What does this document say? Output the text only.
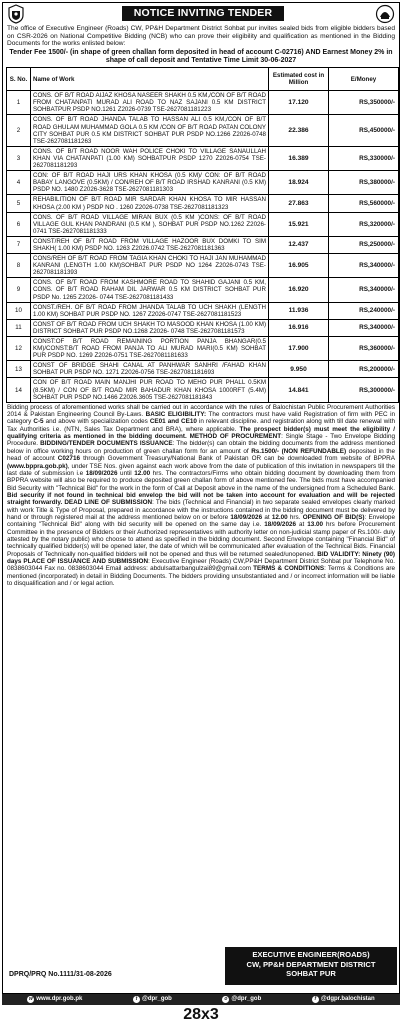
NOTICE INVITING TENDER

The office of Executive Engineer (Roads) CW, PP&H Department District Sohbat pur invites sealed bids from eligible bidders based on CSR-2026 on National Competitive Bidding (NCB) who can prove their eligibility and qualification as mentioned in the Bidding Documents for the works enlisted below:

Tender Fee 1500/- (in shape of green challan form deposited in head of account C-02716) AND Earnest Money 2% in shape of call deposit and Tentative Time Limit 30-06-2027

S. No.	Name of Work	Estimated cost in Million	E/Money
1	CONS. OF B/T ROAD AIJAZ KHOSA NASEER SHAKH 0.5 KM,/CON OF B/T ROAD FROM CHATANPATI MURAD ALI ROAD TO NAZ SAJANI 0.5 KM DISTRICT SOHBATPUR PSDP NO.1261 Z2026-0739 TSE-2627081181223	17.120	RS,350000/-
2	CONS. OF B/T ROAD JHANDA TALAB TO HASSAN ALI 0.5 KM,/CON OF B/T ROAD GHULAM MUHAMMAD GOLA 0.5 KM /CON OF B/T ROAD PATAN COLONY CITY SOHBAT PUR 0.5 KM DISTRICT SOHBAT PUR PSDP NO.1266 Z2026-0748 TSE-2627081181263	22.386	RS,450000/-
3	CONS. OF B/T ROAD NOOR WAH POLICE CHOKI TO VILLAGE SANAULLAH KHAN VIA CHATANPATI (1.00 KM) SOHBATPUR PSDP 1270 Z2026-0754 TSE-2627081181293	16.389	RS,330000/-
4	CON: OF B/T ROAD HAJI URS KHAN KHOSA (0.5 KM)/ CON: OF B/T ROAD BABAY LANGOVE (0.5KM) / CON/REH OF B/T ROAD IRSHAD KANRANI (0.5 KM) PSDP NO. 1480 Z2026-3628 TSE-2627081181303	18.924	RS,380000/-
5	REHABILITION OF B/T ROAD MIR SARDAR KHAN KHOSA TO MIR HASSAN KHOSA (2.00 KM ) PSDP NO . 1260 Z2026-0738 TSE-2627081181323	27.863	RS,560000/-
6	CONS. OF B/T ROAD VILLAGE MIRAN BUX (0.5 KM )CONS: OF B/T ROAD VILLAGE GUL KHAN PANDRANI (0.5 KM ), SOHBAT PUR PSDP NO.1262 Z2026-0741 TSE-2627081181333	15.921	RS,320000/-
7	CONST/REH OF B/T ROAD FROM VILLAGE HAZOOR BUX DOMKI TO SIM SHAKH( 1.00 KM) PSDP NO. 1263 Z2026.0742 TSE-2627081181363	12.437	RS,250000/-
8	CONS/REH OF B/T ROAD FROM TAGIA KHAN CHOKI TO HAJI JAN MUHAMMAD KANRANI (LENGTH 1.00 KM)SOHBAT PUR PSDP NO 1264 Z2026-0743 TSE-2627081181393	16.905	RS,340000/-
9	CONS. OF B/T ROAD FROM KASHMORE ROAD TO SHAHID GAJANI 0.5 KM, CONS. OF B/T ROAD RAHAM DIL JARWAR 0.5 KM DISTRICT SOHBAT PUR PSDP No. 1265 Z2026- 0744 TSE-2627081181433	16.920	RS,340000/-
10	CONST./REH. OF B/T ROAD FROM JHANDA TALAB TO UCH SHAKH (LENGTH 1.00 KM) SOHBAT PUR PSDP NO. 1267 Z2026-0747 TSE-2627081181523	11.936	RS,240000/-
11	CONST OF B/T ROAD FROM UCH SHAKH TO MASOOD KHAN KHOSA (1.00 KM) DISTRICT SOHBAT PUR PSDP NO.1268 Z2026- 0748 TSE-2627081181573	16.916	RS,340000/-
12	CONST:OF B/T ROAD REMAINING PORTION PANJA BHANGAR(0.5 KM)/CONST:B/T ROAD FROM PANJA TO ALI MURAD MARI(0.5 KM) SOHBAT PUR PSDP NO. 1269 Z2026-0751 TSE-2627081181633	17.900	RS,360000/-
13	CONST OF BRIDGE SHAHI CANAL AT PANHWAR SANHRI /FAHAD KHAN SOHBAT PUR PSDP NO. 1271 Z2026-0756 TSE-2627081181693	9.950	RS,200000/-
14	CON OF B/T ROAD MAIN MANJHI PUR ROAD TO MEHO PUR PHALL 0.5KM (8.5KM) / CON OF B/T ROAD MIR BAHADUR KHAN KHOSA 1000RFT (5.4M) SOHBAT PUR PSDP NO.1466 Z2026.3605 TSE-2627081181843	14.841	RS,300000/-

Bidding process of aforementioned works shall be carried out in accordance with the rules of Balochistan Public Procurement Authorities 2014 & Pakistan Engineering Council By-Laws. BASIC ELIGIBILITY: The contractors must have valid Registration of firm with PEC in category C-5 and above with specialization codes CE01 and CE10 in relevant discipline. and registration along with till date renewal with Tax Authorities i.e. (NTN, Sales Tax Department and BRA), where applicable. The prospect bidder(s) must meet the eligibility / qualifying criteria as mentioned in the bidding document. METHOD OF PROCUREMENT: Single Stage - Two Envelope Bidding Procedure. BIDDING/TENDER DOCUMENTS ISSUANCE: The bidder(s) can obtain the bidding documents from the address mentioned below in office working hours on production of green challan form for an amount of Rs.1500/- (NON REFUNDABLE) deposited in the head of account C02716 through Government Treasury/National Bank of Pakistan OR can be downloaded from website of BPPRA (www.bppra.gob.pk), under TSE Nos. given against each work above from the date of publication of this invitation in newspapers till the last date of submission i.e 18/09/2026 until 12.00 hrs. The contractors/Firms who obtain bidding document by downloading them from BPPRA website will also be required to produce deposited green challan form of above mentioned fee. The bids must have accompanied Bid Security with "Technical Bid" for the work in the form of Call at Deposit above in the name of the undersigned from a Scheduled Bank. Bid security if not found in technical bid envelop the bid will not be taken into account for evaluation and will be rejected straight forwardly. DEAD LINE OF SUBMISSION: The bids (Technical and Financial) in two separate sealed envelopes clearly marked with work Title & Type of Proposal, prepared in accordance with the instructions contained in the bidding document must be delivered by hand or through registered mail at the address mentioned below on or before 18/09/2026 at 12.00 hrs. OPENING OF BID(S): Envelope containing "Technical Bid" along with bid security will be opened on the same day i.e. 18/09/2026 at 13.00 hrs before Procurement Committee in the presence of Bidders or their Authorized representatives with authority letter on non-judicial stamp paper of Rs.100/- duly attested by the notary public) who choose to attend as specified in the bidding document. Second Envelope containing "Financial Bid" of technically qualified bidder(s) will be opened later, the date of which will be communicated after evaluation of the Technical Bids. Financial Proposals of Technically non-qualified bidders will not be opened and thus will be returned sealed/unopened. BID VALIDITY: Ninety (90) days PLACE OF ISSUANCE AND SUBMISSION: Executive Engineer (Roads) CW,PP&H Department District Sohbat pur Telephone No. 0838603044 Fax no. 0838603044 Email address: abdulsattarbangulzai89@gmail.com TERMS & CONDITIONS: Terms & Conditions are mentioned (incorporated) in detail in Bidding Documents. The bidders providing unsubstantiated and / or incorrect information will be liable to disqualification and / or legal action.

DPRQ/PRQ No.1111/31-08-2026
EXECUTIVE ENGINEER(ROADS)
CW, PP&H DEPARTMENT DISTRICT
SOHBAT PUR
w www.dpr.gob.pk	t @dpr_gob	o @dpr_gob	f @dgpr.balochistan
28x3
